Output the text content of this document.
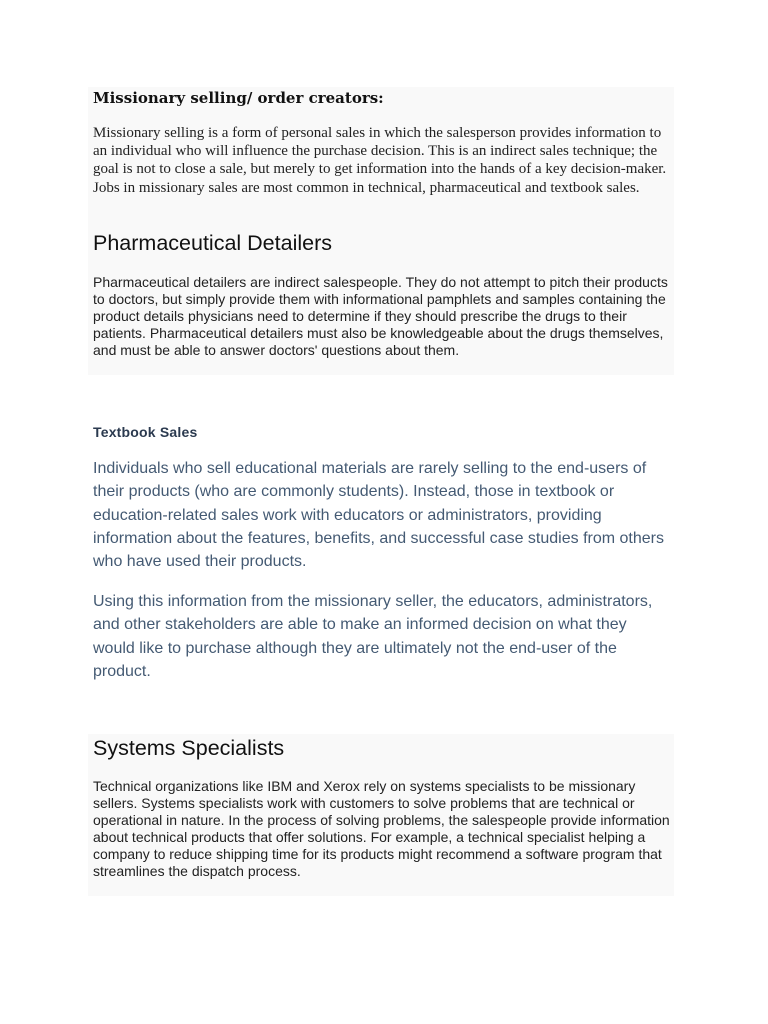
Missionary selling/ order creators:

Missionary selling is a form of personal sales in which the salesperson provides information to an individual who will influence the purchase decision. This is an indirect sales technique; the goal is not to close a sale, but merely to get information into the hands of a key decision-maker. Jobs in missionary sales are most common in technical, pharmaceutical and textbook sales.

Pharmaceutical Detailers

Pharmaceutical detailers are indirect salespeople. They do not attempt to pitch their products to doctors, but simply provide them with informational pamphlets and samples containing the product details physicians need to determine if they should prescribe the drugs to their patients. Pharmaceutical detailers must also be knowledgeable about the drugs themselves, and must be able to answer doctors' questions about them.

Textbook Sales

Individuals who sell educational materials are rarely selling to the end-users of their products (who are commonly students). Instead, those in textbook or education-related sales work with educators or administrators, providing information about the features, benefits, and successful case studies from others who have used their products.

Using this information from the missionary seller, the educators, administrators, and other stakeholders are able to make an informed decision on what they would like to purchase although they are ultimately not the end-user of the product.

Systems Specialists

Technical organizations like IBM and Xerox rely on systems specialists to be missionary sellers. Systems specialists work with customers to solve problems that are technical or operational in nature. In the process of solving problems, the salespeople provide information about technical products that offer solutions. For example, a technical specialist helping a company to reduce shipping time for its products might recommend a software program that streamlines the dispatch process.
